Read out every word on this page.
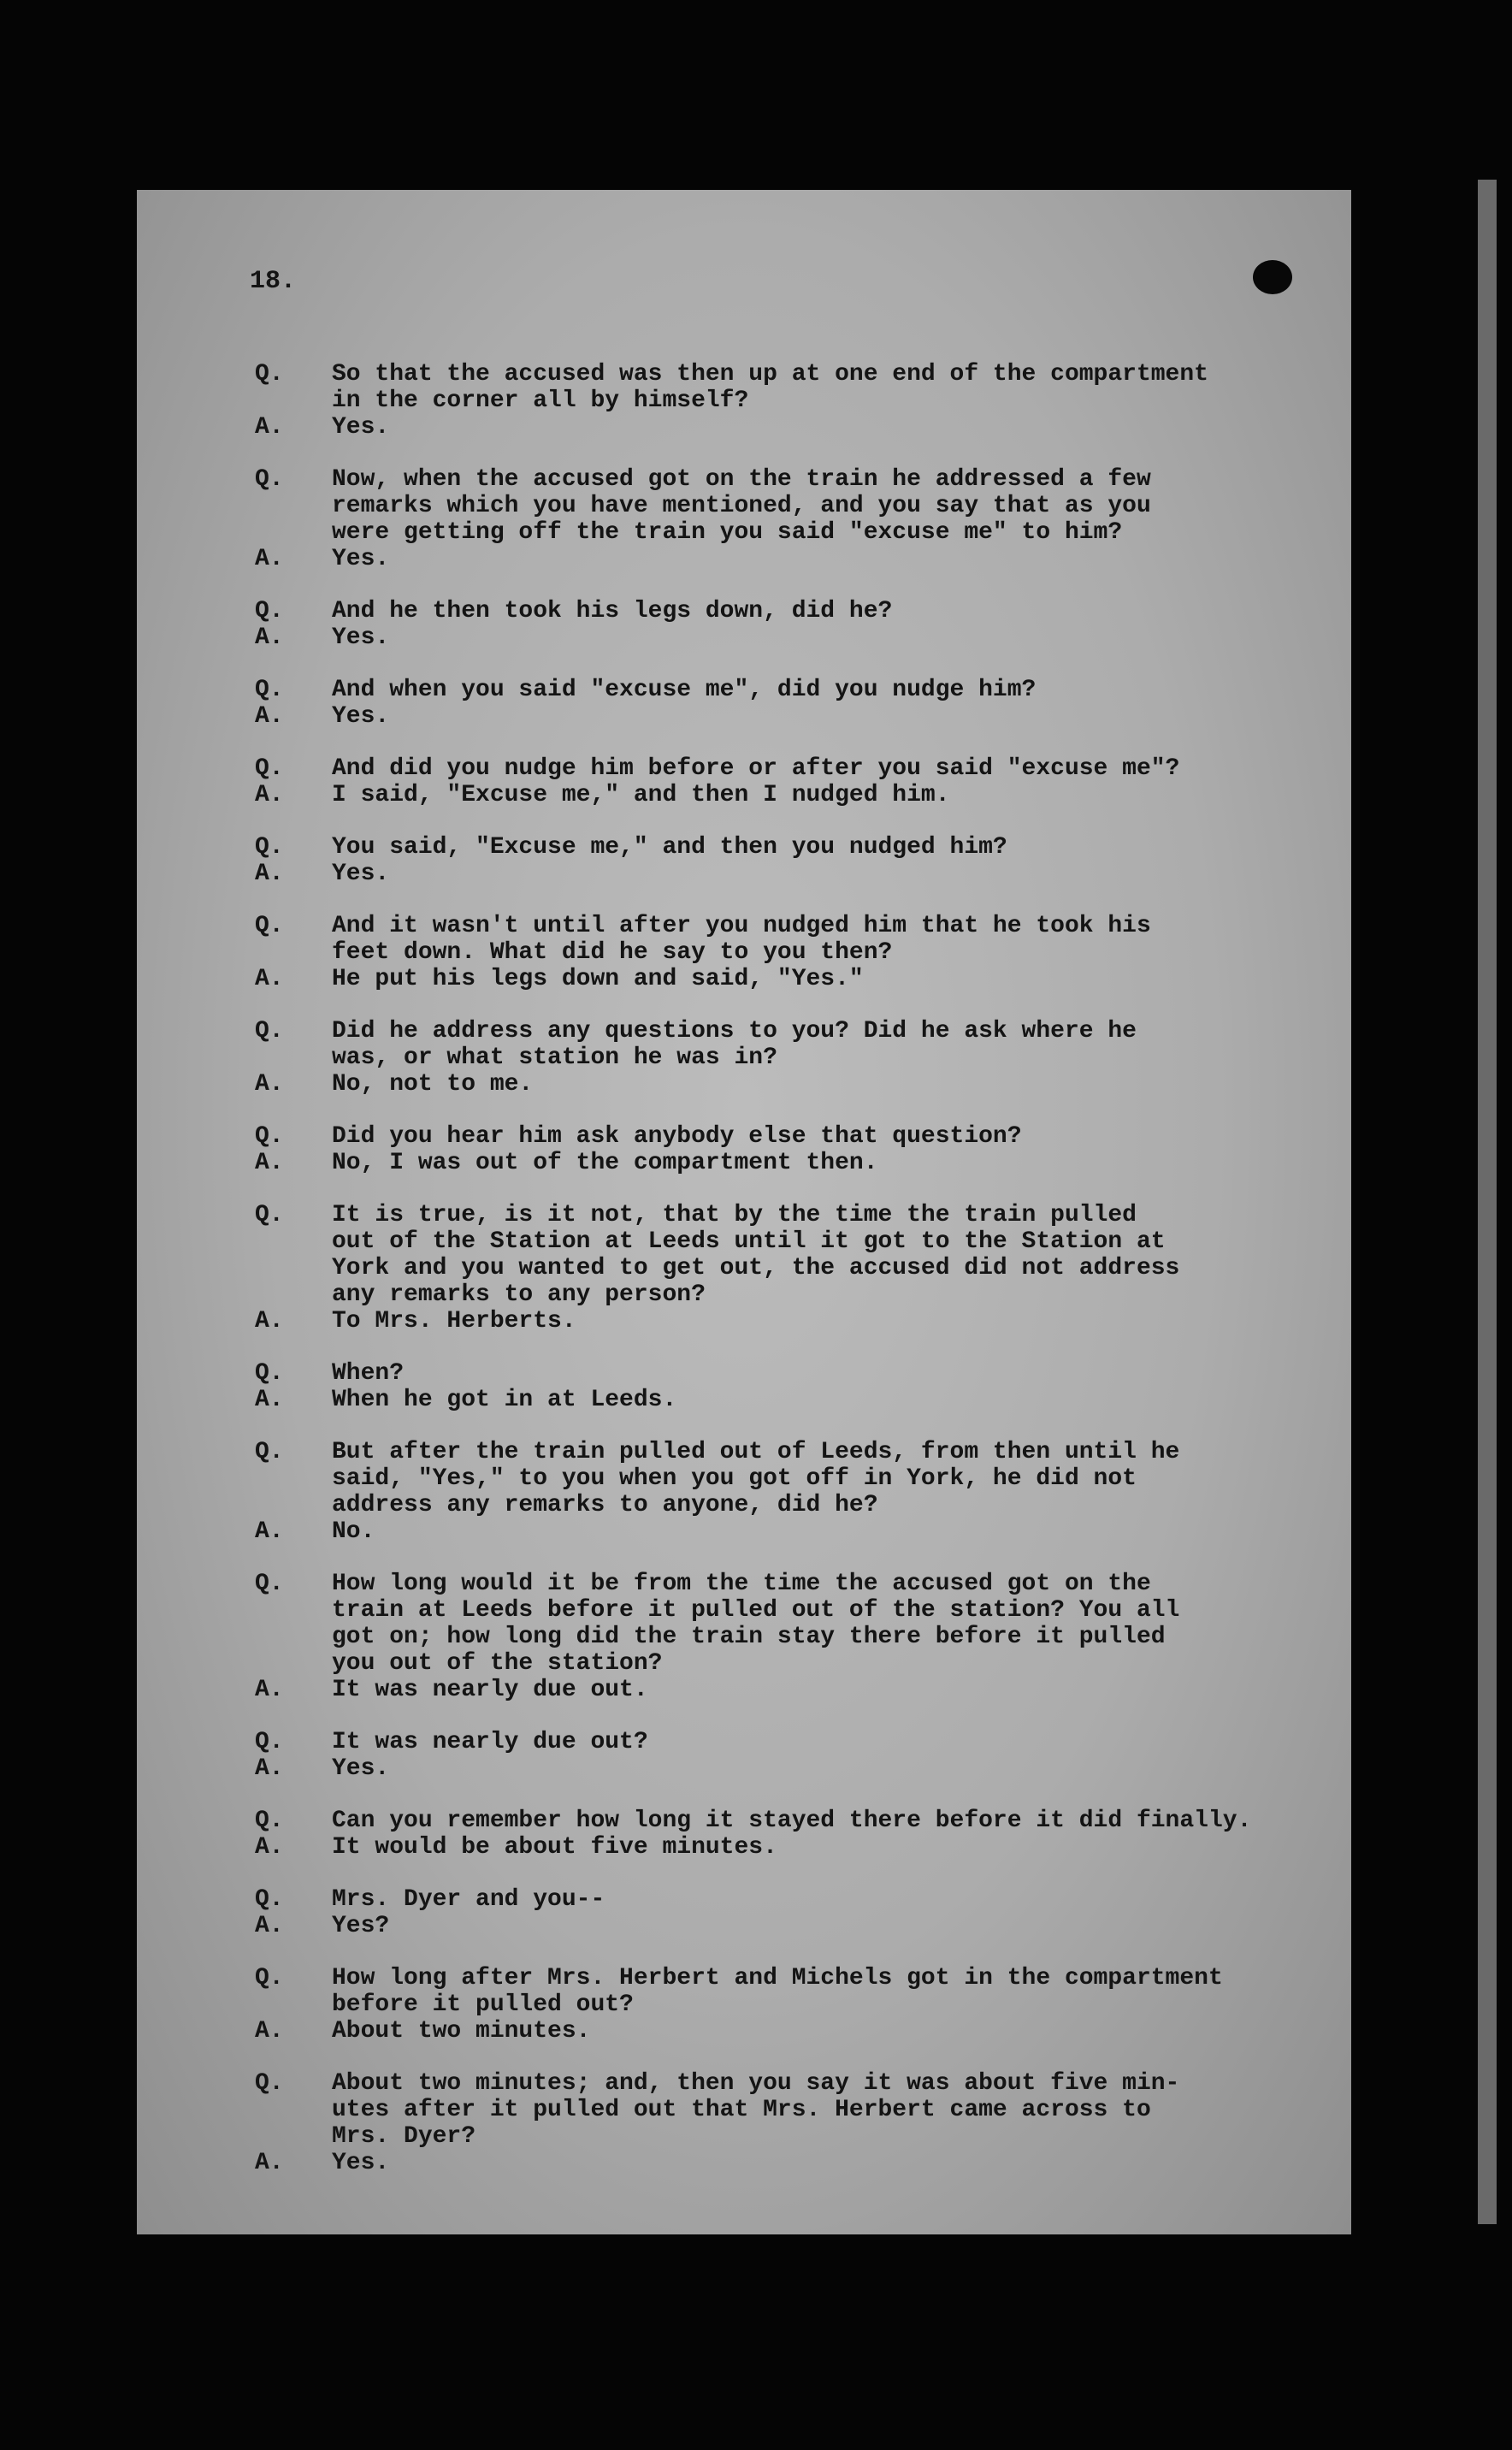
18.
Q.	So that the accused was then up at one end of the compartment
in the corner all by himself?
A.	Yes.
Q.	Now, when the accused got on the train he addressed a few
remarks which you have mentioned, and you say that as you
were getting off the train you said "excuse me" to him?
A.	Yes.
Q.	And he then took his legs down, did he?
A.	Yes.
Q.	And when you said "excuse me", did you nudge him?
A.	Yes.
Q.	And did you nudge him before or after you said "excuse me"?
A.	I said, "Excuse me," and then I nudged him.
Q.	You said, "Excuse me," and then you nudged him?
A.	Yes.
Q.	And it wasn't until after you nudged him that he took his
feet down. What did he say to you then?
A.	He put his legs down and said, "Yes."
Q.	Did he address any questions to you? Did he ask where he
was, or what station he was in?
A.	No, not to me.
Q.	Did you hear him ask anybody else that question?
A.	No, I was out of the compartment then.
Q.	It is true, is it not, that by the time the train pulled
out of the Station at Leeds until it got to the Station at
York and you wanted to get out, the accused did not address
any remarks to any person?
A.	To Mrs. Herberts.
Q.	When?
A.	When he got in at Leeds.
Q.	But after the train pulled out of Leeds, from then until he
said, "Yes," to you when you got off in York, he did not
address any remarks to anyone, did he?
A.	No.
Q.	How long would it be from the time the accused got on the
train at Leeds before it pulled out of the station? You all
got on; how long did the train stay there before it pulled
you out of the station?
A.	It was nearly due out.
Q.	It was nearly due out?
A.	Yes.
Q.	Can you remember how long it stayed there before it did finally.
A.	It would be about five minutes.
Q.	Mrs. Dyer and you--
A.	Yes?
Q.	How long after Mrs. Herbert and Michels got in the compartment
before it pulled out?
A.	About two minutes.
Q.	About two minutes; and, then you say it was about five min-
utes after it pulled out that Mrs. Herbert came across to
Mrs. Dyer?
A.	Yes.
